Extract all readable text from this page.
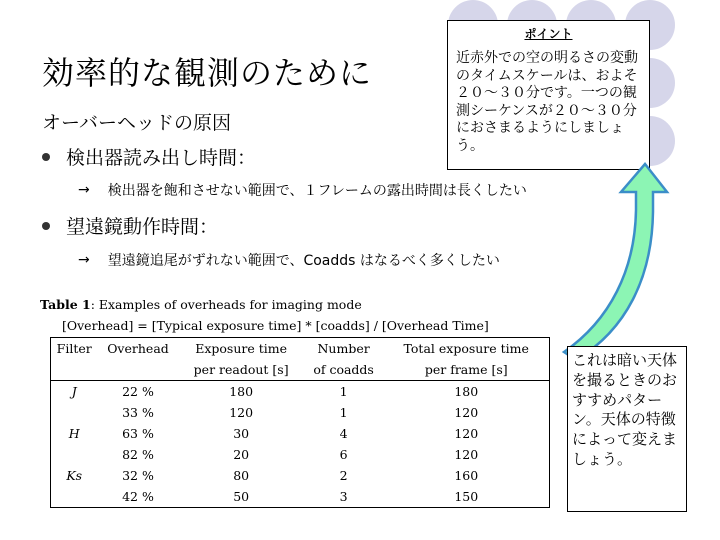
効率的な観測のために
オーバーヘッドの原因
検出器読み出し時間：
→ 検出器を飽和させない範囲で、１フレームの露出時間は長くしたい
望遠鏡動作時間：
→ 望遠鏡追尾がずれない範囲で、Coadds はなるべく多くしたい
ポイント
近赤外での空の明るさの変動のタイムスケールは、およそ２０～３０分です。一つの観測シーケンスが２０～３０分におさまるようにしましょう。
Table 1: Examples of overheads for imaging mode
[Overhead] = [Typical exposure time] * [coadds] / [Overhead Time]
Filter	Overhead	Exposure time	Number	Total exposure time
		per readout [s]	of coadds	per frame [s]
J	22 %	180	1	180
	33 %	120	1	120
H	63 %	30	4	120
	82 %	20	6	120
Ks	32 %	80	2	160
	42 %	50	3	150
これは暗い天体を撮るときのおすすめパターン。天体の特徴によって変えましょう。
